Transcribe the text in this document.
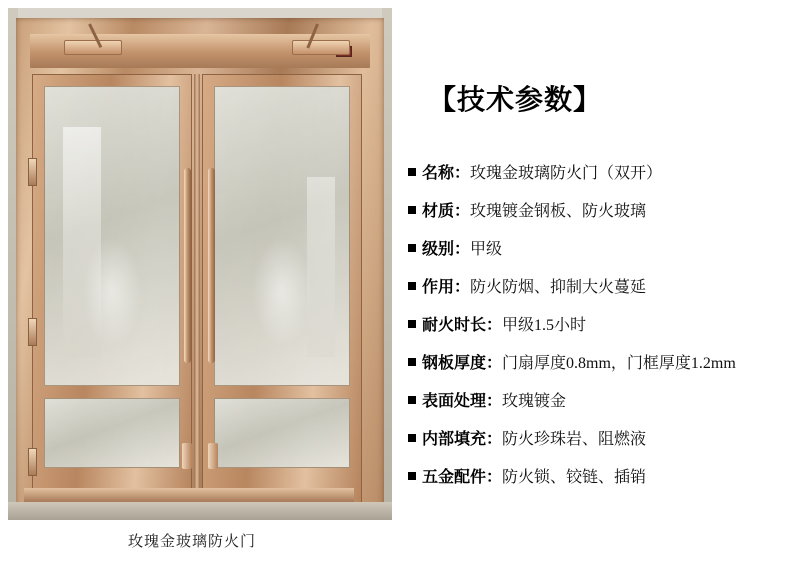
玫瑰金玻璃防火门
【技术参数】
名称： 玫瑰金玻璃防火门（双开）
材质： 玫瑰镀金钢板、防火玻璃
级别： 甲级
作用： 防火防烟、抑制大火蔓延
耐火时长： 甲级1.5小时
钢板厚度： 门扇厚度0.8mm，门框厚度1.2mm
表面处理： 玫瑰镀金
内部填充： 防火珍珠岩、阻燃液
五金配件： 防火锁、铰链、插销
